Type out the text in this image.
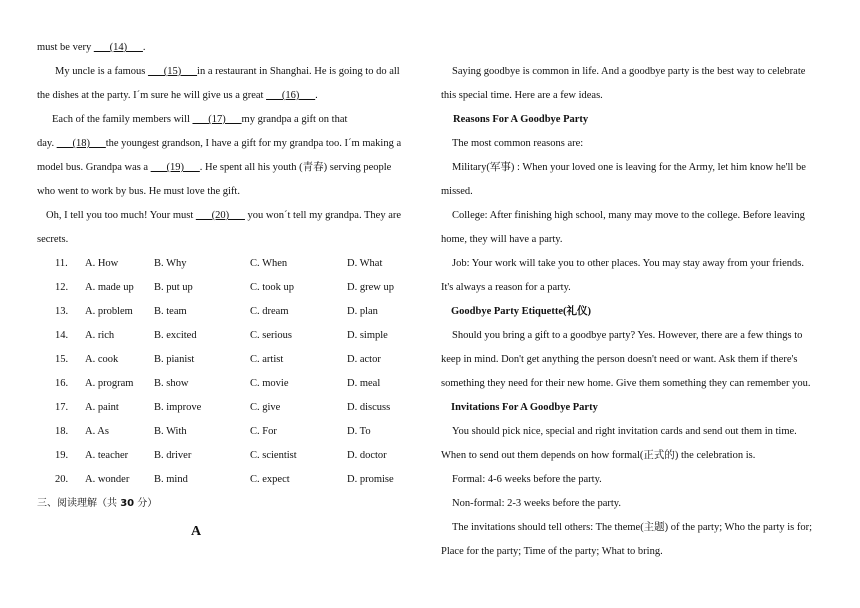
must be very ___(14)___.
My uncle is a famous ___(15)___in a restaurant in Shanghai. He is going to do all
the dishes at the party. I´m sure he will give us a great ___(16)___.
Each of the family members will ___(17)___my grandpa a gift on that
day. ___(18)___the youngest grandson, I have a gift for my grandpa too. I´m making a
model bus. Grandpa was a ___(19)___. He spent all his youth (青春) serving people
who went to work by bus. He must love the gift.
Oh, I tell you too much! Your must ___(20)___ you won´t tell my grandpa. They are
secrets.
11. A. How	B. Why	C. When	D. What
12. A. made up B. put up	C. took up	D. grew up
13. A. problem B. team	C. dream	D. plan
14. A. rich	B. excited	C. serious	D. simple
15. A. cook	B. pianist	C. artist	D. actor
16. A. program B. show	C. movie	D. meal
17. A. paint	B. improve	C. give	D. discuss
18. A. As	B. With	C. For	D. To
19. A. teacher B. driver	C. scientist	D. doctor
20. A. wonder B. mind	C. expect	D. promise
三、阅读理解（共 30 分）
A
Saying goodbye is common in life. And a goodbye party is the best way to celebrate
this special time. Here are a few ideas.
Reasons For A Goodbye Party
The most common reasons are:
Military(军事) : When your loved one is leaving for the Army, let him know he'll be
missed.
College: After finishing high school, many may move to the college. Before leaving
home, they will have a party.
Job: Your work will take you to other places. You may stay away from your friends.
It's always a reason for a party.
Goodbye Party Etiquette(礼仪)
Should you bring a gift to a goodbye party? Yes. However, there are a few things to
keep in mind. Don't get anything the person doesn't need or want. Ask them if there's
something they need for their new home. Give them something they can remember you.
Invitations For A Goodbye Party
You should pick nice, special and right invitation cards and send out them in time.
When to send out them depends on how formal(正式的) the celebration is.
Formal: 4-6 weeks before the party.
Non-formal: 2-3 weeks before the party.
The invitations should tell others: The theme(主题) of the party; Who the party is for;
Place for the party; Time of the party; What to bring.
